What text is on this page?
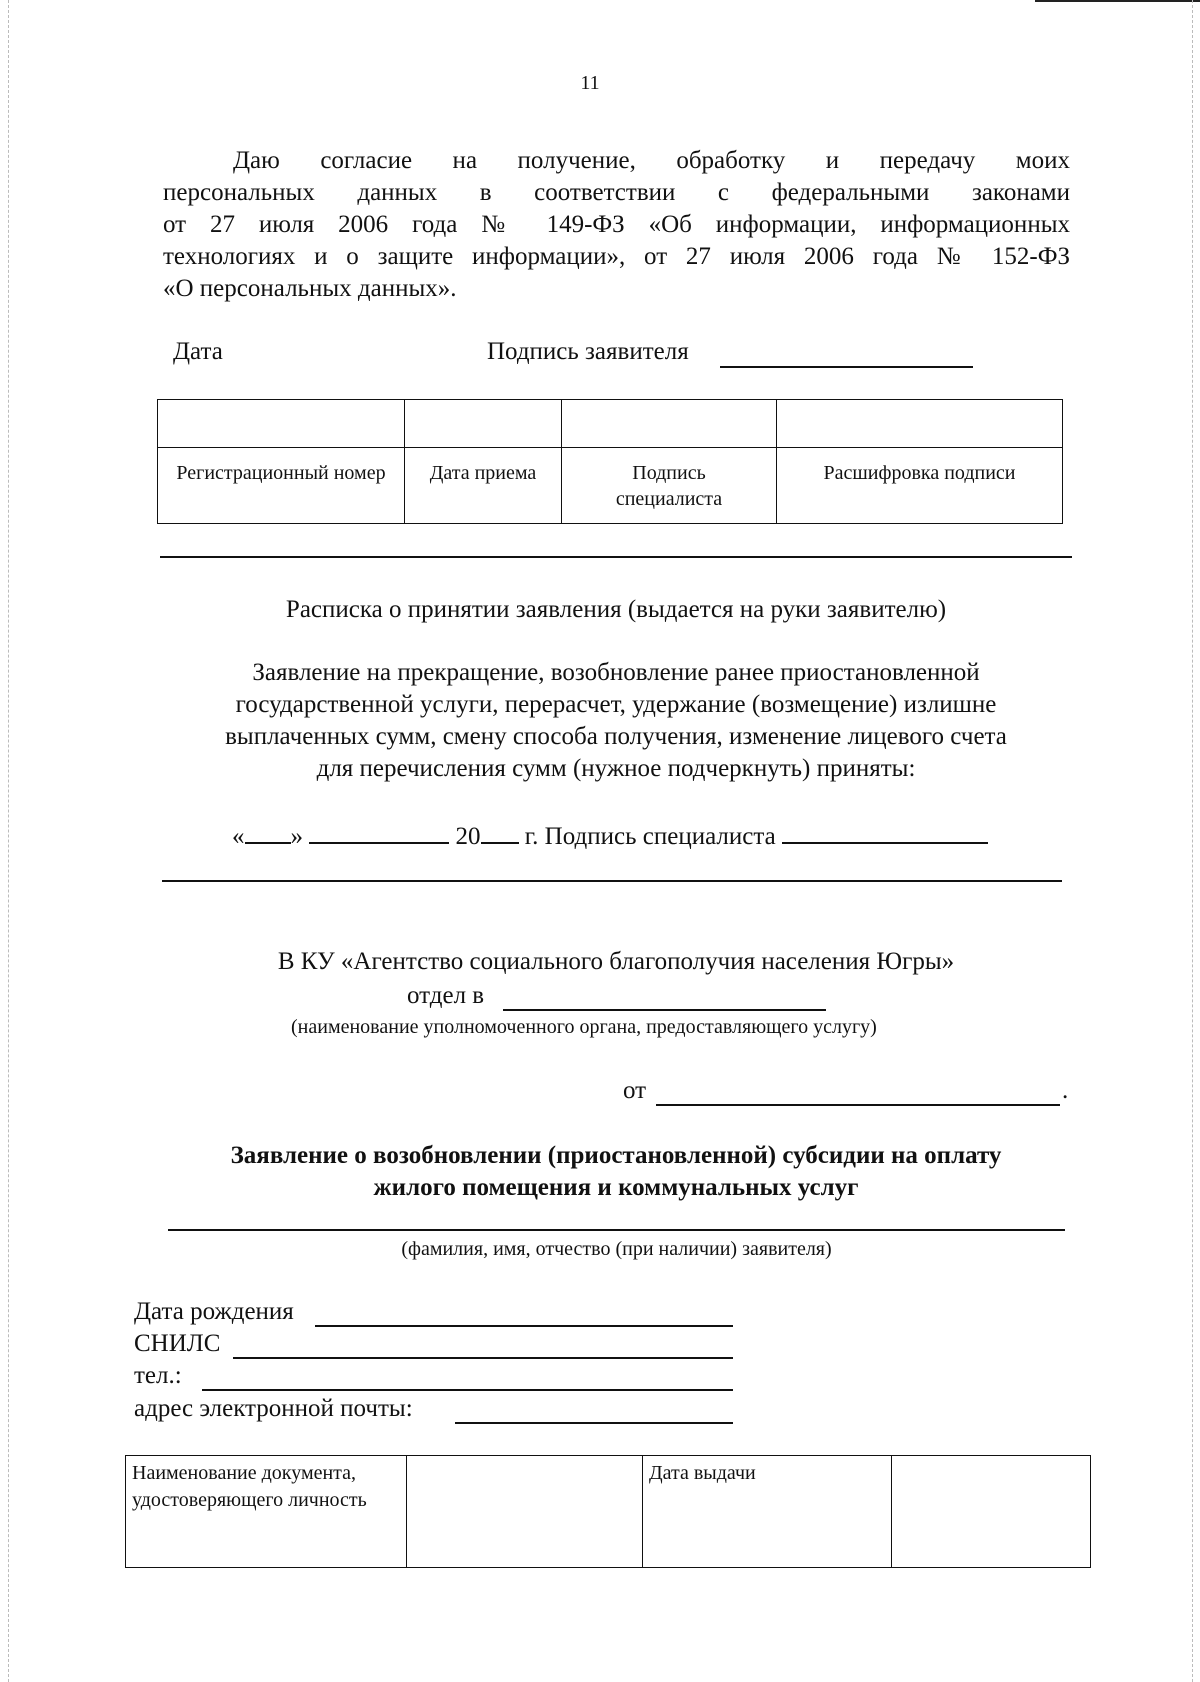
11
Даю согласие на получение, обработку и передачу моих
персональных данных в соответствии с федеральными законами
от 27 июля 2006 года № 149-ФЗ «Об информации, информационных
технологиях и о защите информации», от 27 июля 2006 года № 152-ФЗ
«О персональных данных».
Дата	Подпись заявителя

Регистрационный номер	Дата приема	Подпись специалиста	Расшифровка подписи
Расписка о принятии заявления (выдается на руки заявителю)
Заявление на прекращение, возобновление ранее приостановленной
государственной услуги, перерасчет, удержание (возмещение) излишне
выплаченных сумм, смену способа получения, изменение лицевого счета
для перечисления сумм (нужное подчеркнуть) приняты:
« »	20 г. Подпись специалиста
В КУ «Агентство социального благополучия населения Югры»
отдел в
(наименование уполномоченного органа, предоставляющего услугу)
от	.
Заявление о возобновлении (приостановленной) субсидии на оплату
жилого помещения и коммунальных услуг
(фамилия, имя, отчество (при наличии) заявителя)
Дата рождения
СНИЛС
тел.:
адрес электронной почты:
Наименование документа, удостоверяющего личность		Дата выдачи	
